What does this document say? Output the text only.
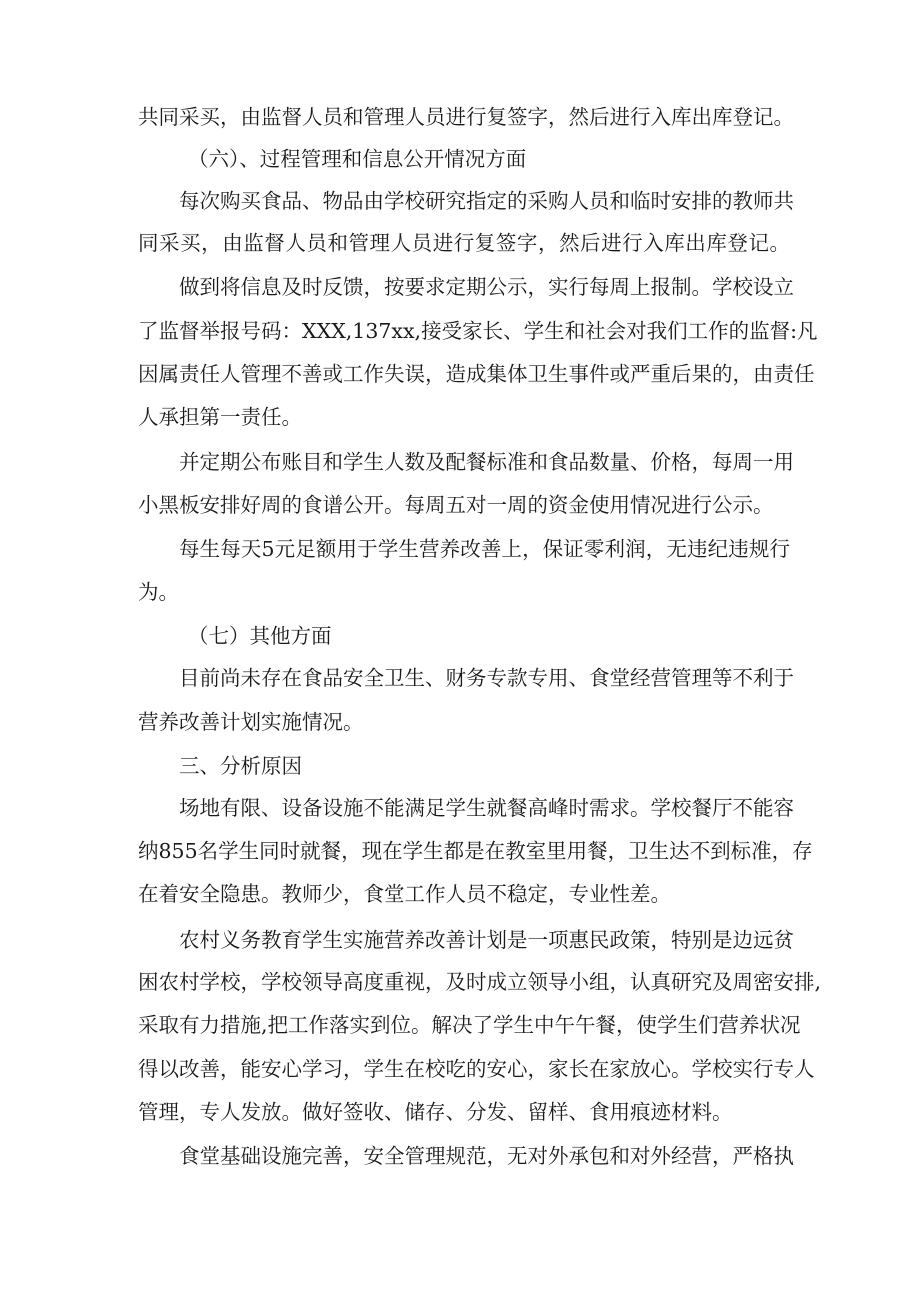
共同采买，由监督人员和管理人员进行复签字，然后进行入库出库登记。
（六）、过程管理和信息公开情况方面
每次购买食品、物品由学校研究指定的采购人员和临时安排的教师共
同采买，由监督人员和管理人员进行复签字，然后进行入库出库登记。
做到将信息及时反馈，按要求定期公示，实行每周上报制。学校设立
了监督举报号码：XXX,137xx,接受家长、学生和社会对我们工作的监督:凡
因属责任人管理不善或工作失误，造成集体卫生事件或严重后果的，由责任
人承担第一责任。
并定期公布账目和学生人数及配餐标准和食品数量、价格，每周一用
小黑板安排好周的食谱公开。每周五对一周的资金使用情况进行公示。
每生每天5元足额用于学生营养改善上，保证零利润，无违纪违规行
为。
（七）其他方面
目前尚未存在食品安全卫生、财务专款专用、食堂经营管理等不利于
营养改善计划实施情况。
三、分析原因
场地有限、设备设施不能满足学生就餐高峰时需求。学校餐厅不能容
纳855名学生同时就餐，现在学生都是在教室里用餐，卫生达不到标准，存
在着安全隐患。教师少，食堂工作人员不稳定，专业性差。
农村义务教育学生实施营养改善计划是一项惠民政策，特别是边远贫
困农村学校，学校领导高度重视，及时成立领导小组，认真研究及周密安排,
采取有力措施,把工作落实到位。解决了学生中午午餐，使学生们营养状况
得以改善，能安心学习，学生在校吃的安心，家长在家放心。学校实行专人
管理，专人发放。做好签收、储存、分发、留样、食用痕迹材料。
食堂基础设施完善，安全管理规范，无对外承包和对外经营，严格执
